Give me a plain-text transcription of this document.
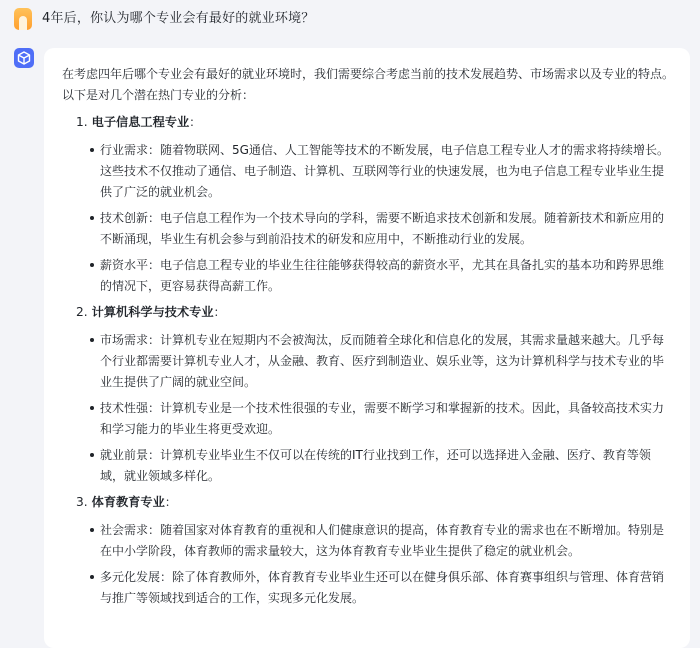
4年后，你认为哪个专业会有最好的就业环境？

在考虑四年后哪个专业会有最好的就业环境时，我们需要综合考虑当前的技术发展趋势、市场需求以及专业的特点。以下是对几个潜在热门专业的分析：

1. 电子信息工程专业：
行业需求：随着物联网、5G通信、人工智能等技术的不断发展，电子信息工程专业人才的需求将持续增长。这些技术不仅推动了通信、电子制造、计算机、互联网等行业的快速发展，也为电子信息工程专业毕业生提供了广泛的就业机会。
技术创新：电子信息工程作为一个技术导向的学科，需要不断追求技术创新和发展。随着新技术和新应用的不断涌现，毕业生有机会参与到前沿技术的研发和应用中，不断推动行业的发展。
薪资水平：电子信息工程专业的毕业生往往能够获得较高的薪资水平，尤其在具备扎实的基本功和跨界思维的情况下，更容易获得高薪工作。
2. 计算机科学与技术专业：
市场需求：计算机专业在短期内不会被淘汰，反而随着全球化和信息化的发展，其需求量越来越大。几乎每个行业都需要计算机专业人才，从金融、教育、医疗到制造业、娱乐业等，这为计算机科学与技术专业的毕业生提供了广阔的就业空间。
技术性强：计算机专业是一个技术性很强的专业，需要不断学习和掌握新的技术。因此，具备较高技术实力和学习能力的毕业生将更受欢迎。
就业前景：计算机专业毕业生不仅可以在传统的IT行业找到工作，还可以选择进入金融、医疗、教育等领域，就业领域多样化。
3. 体育教育专业：
社会需求：随着国家对体育教育的重视和人们健康意识的提高，体育教育专业的需求也在不断增加。特别是在中小学阶段，体育教师的需求量较大，这为体育教育专业毕业生提供了稳定的就业机会。
多元化发展：除了体育教师外，体育教育专业毕业生还可以在健身俱乐部、体育赛事组织与管理、体育营销与推广等领域找到适合的工作，实现多元化发展。
